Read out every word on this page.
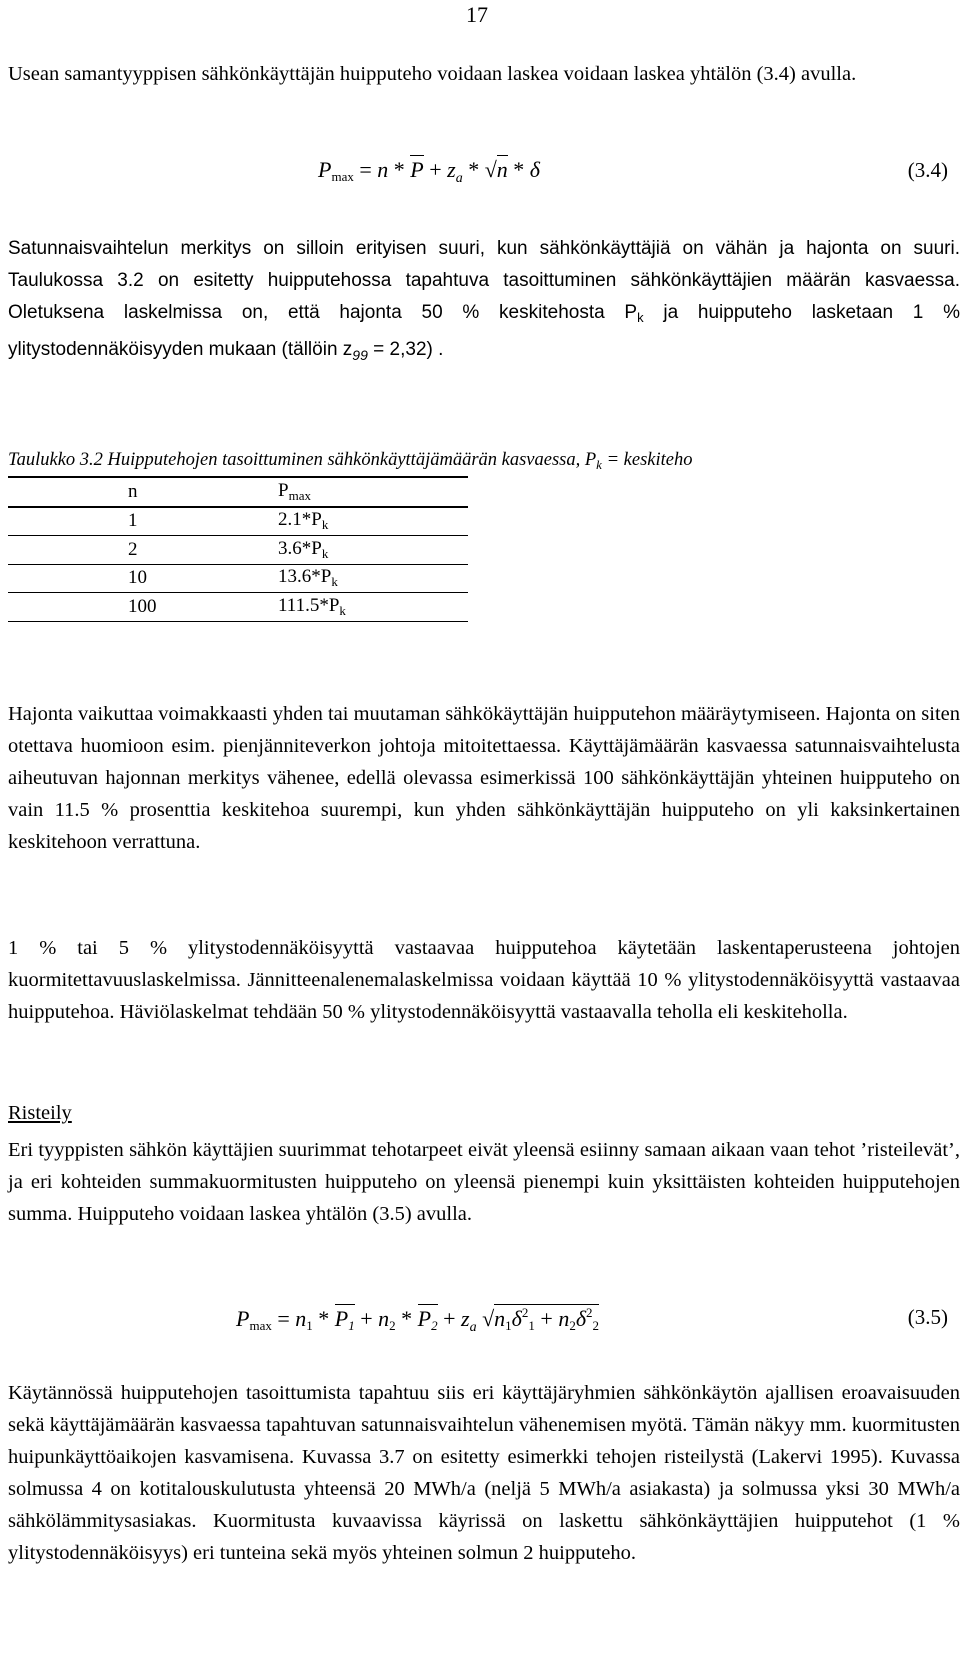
17

Usean samantyyppisen sähkönkäyttäjän huipputeho voidaan laskea voidaan laskea yhtälön (3.4) avulla.

$P_{max} = n * P + z_a * √n * \delta$	(3.4)

Satunnaisvaihtelun merkitys on silloin erityisen suuri, kun sähkönkäyttäjiä on vähän ja hajonta on suuri. Taulukossa 3.2 on esitetty huipputehossa tapahtuva tasoittuminen sähkönkäyttäjien määrän kasvaessa. Oletuksena laskelmissa on, että hajonta 50 % keskitehosta $P_k$ ja huipputeho lasketaan 1 % ylitystodennäköisyyden mukaan (tällöin $z_{99} = 2,32$) .

Taulukko 3.2 Huipputehojen tasoittuminen sähkönkäyttäjämäärän kasvaessa, $P_k$ = keskiteho
n	$P_{max}$
1	$2.1*P_k$
2	$3.6*P_k$
10	$13.6*P_k$
100	$111.5*P_k$

Hajonta vaikuttaa voimakkaasti yhden tai muutaman sähkökäyttäjän huipputehon määräytymiseen. Hajonta on siten otettava huomioon esim. pienjänniteverkon johtoja mitoitettaessa. Käyttäjämäärän kasvaessa satunnaisvaihtelusta aiheutuvan hajonnan merkitys vähenee, edellä olevassa esimerkissä 100 sähkönkäyttäjän yhteinen huipputeho on vain 11.5 % prosenttia keskitehoa suurempi, kun yhden sähkönkäyttäjän huipputeho on yli kaksinkertainen keskitehoon verrattuna.

1 % tai 5 % ylitystodennäköisyyttä vastaavaa huipputehoa käytetään laskentaperusteena johtojen kuormitettavuuslaskelmissa. Jännitteenalenemalaskelmissa voidaan käyttää 10 % ylitystodennäköisyyttä vastaavaa huipputehoa. Häviölaskelmat tehdään 50 % ylitystodennäköisyyttä vastaavalla teholla eli keskiteholla.

Risteily

Eri tyyppisten sähkön käyttäjien suurimmat tehotarpeet eivät yleensä esiinny samaan aikaan vaan tehot ’risteilevät’, ja eri kohteiden summakuormitusten huipputeho on yleensä pienempi kuin yksittäisten kohteiden huipputehojen summa. Huipputeho voidaan laskea yhtälön (3.5) avulla.

$P_{max} = n_1 * P_1 + n_2 * P_2 + z_a$ $√n_1\delta^2_1 + n_2\delta^2_2$	(3.5)

Käytännössä huipputehojen tasoittumista tapahtuu siis eri käyttäjäryhmien sähkönkäytön ajallisen eroavaisuuden sekä käyttäjämäärän kasvaessa tapahtuvan satunnaisvaihtelun vähenemisen myötä. Tämän näkyy mm. kuormitusten huipunkäyttöaikojen kasvamisena. Kuvassa 3.7 on esitetty esimerkki tehojen risteilystä (Lakervi 1995). Kuvassa solmussa 4 on kotitalouskulutusta yhteensä 20 MWh/a (neljä 5 MWh/a asiakasta) ja solmussa yksi 30 MWh/a sähkölämmitysasiakas. Kuormitusta kuvaavissa käyrissä on laskettu sähkönkäyttäjien huipputehot (1 % ylitystodennäköisyys) eri tunteina sekä myös yhteinen solmun 2 huipputeho.
